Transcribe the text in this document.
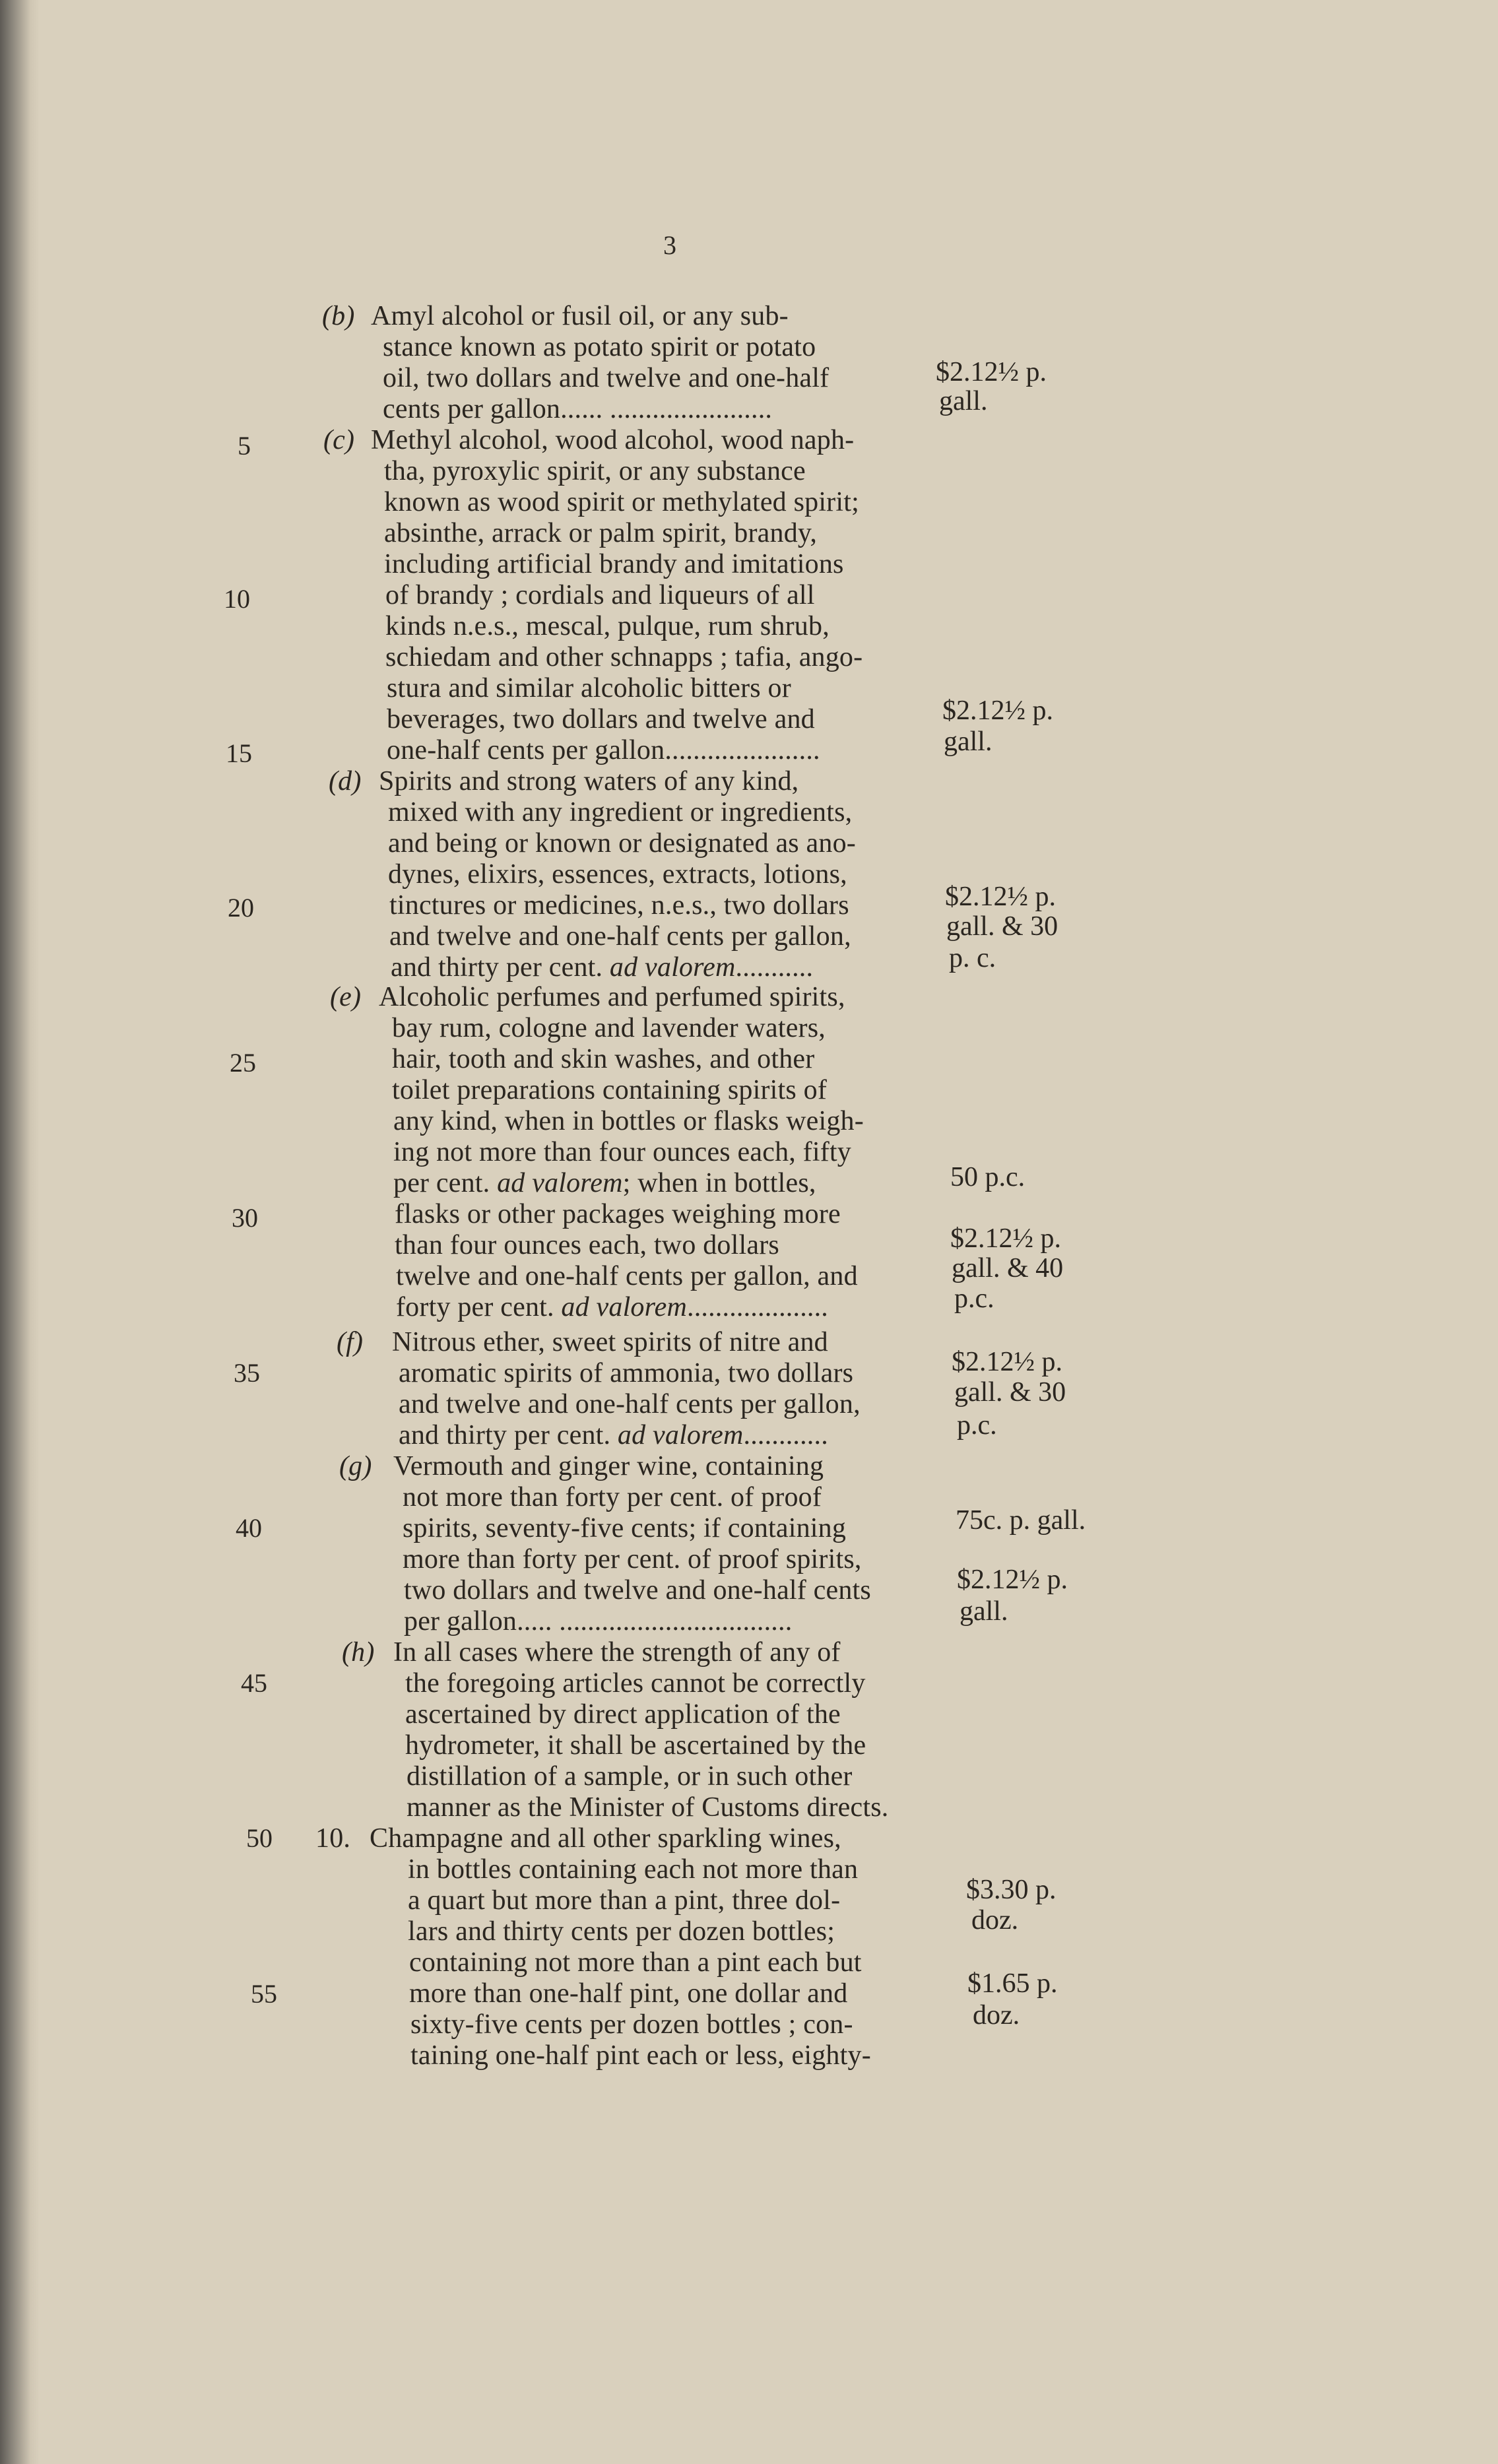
3
5
10
15
20
25
30
35
40
45
50
55
(b) Amyl alcohol or fusil oil, or any sub-
stance known as potato spirit or potato
oil, two dollars and twelve and one-half
cents per gallon...... .......................
$2.12½ p.
gall.
(c) Methyl alcohol, wood alcohol, wood naph-
tha, pyroxylic spirit, or any substance
known as wood spirit or methylated spirit;
absinthe, arrack or palm spirit, brandy,
including artificial brandy and imitations
of brandy ; cordials and liqueurs of all
kinds n.e.s., mescal, pulque, rum shrub,
schiedam and other schnapps ; tafia, ango-
stura and similar alcoholic bitters or
beverages, two dollars and twelve and
one-half cents per gallon......................
$2.12½ p.
gall.
(d) Spirits and strong waters of any kind,
mixed with any ingredient or ingredients,
and being or known or designated as ano-
dynes, elixirs, essences, extracts, lotions,
tinctures or medicines, n.e.s., two dollars
and twelve and one-half cents per gallon,
and thirty per cent. ad valorem...........
$2.12½ p.
gall. & 30
p. c.
(e) Alcoholic perfumes and perfumed spirits,
bay rum, cologne and lavender waters,
hair, tooth and skin washes, and other
toilet preparations containing spirits of
any kind, when in bottles or flasks weigh-
ing not more than four ounces each, fifty
per cent. ad valorem; when in bottles,
flasks or other packages weighing more
than four ounces each, two dollars
twelve and one-half cents per gallon, and
forty per cent. ad valorem....................
50 p.c.
$2.12½ p.
gall. & 40
p.c.
(f) Nitrous ether, sweet spirits of nitre and
aromatic spirits of ammonia, two dollars
and twelve and one-half cents per gallon,
and thirty per cent. ad valorem............
$2.12½ p.
gall. & 30
p.c.
(g) Vermouth and ginger wine, containing
not more than forty per cent. of proof
spirits, seventy-five cents; if containing
more than forty per cent. of proof spirits,
two dollars and twelve and one-half cents
per gallon..... .................................
75c. p. gall.
$2.12½ p.
gall.
(h) In all cases where the strength of any of
the foregoing articles cannot be correctly
ascertained by direct application of the
hydrometer, it shall be ascertained by the
distillation of a sample, or in such other
manner as the Minister of Customs directs.
10. Champagne and all other sparkling wines,
in bottles containing each not more than
a quart but more than a pint, three dol-
lars and thirty cents per dozen bottles;
containing not more than a pint each but
more than one-half pint, one dollar and
sixty-five cents per dozen bottles ; con-
taining one-half pint each or less, eighty-
$3.30 p.
doz.
$1.65 p.
doz.
